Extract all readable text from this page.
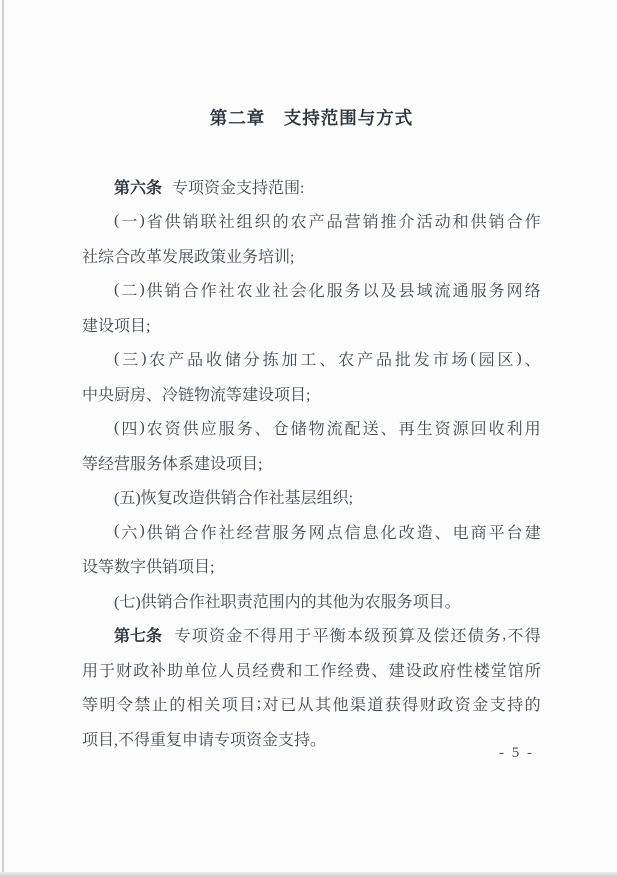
第二章　支持范围与方式
第六条 专项资金支持范围:
( 一 ) 省 供 销 联 社 组 织 的 农 产 品 营 销 推 介 活 动 和 供 销 合 作
社综合改革发展政策业务培训;
( 二 ) 供 销 合 作 社 农 业 社 会 化 服 务 以 及 县 域 流 通 服 务 网 络
建设项目;
( 三 ) 农 产 品 收 储 分 拣 加 工 、 农 产 品 批 发 市 场 ( 园 区 ) 、
中央厨房、冷链物流等建设项目;
( 四 ) 农 资 供 应 服 务 、 仓 储 物 流 配 送 、 再 生 资 源 回 收 利 用
等经营服务体系建设项目;
(五)恢复改造供销合作社基层组织;
( 六 ) 供 销 合 作 社 经 营 服 务 网 点 信 息 化 改 造 、 电 商 平 台 建
设等数字供销项目;
(七)供销合作社职责范围内的其他为农服务项目。
第七条 专 项 资 金 不 得 用 于 平 衡 本 级 预 算 及 偿 还 债 务 , 不 得
用 于 财 政 补 助 单 位 人 员 经 费 和 工 作 经 费 、 建 设 政 府 性 楼 堂 馆 所
等 明 令 禁 止 的 相 关 项 目 ; 对 已 从 其 他 渠 道 获 得 财 政 资 金 支 持 的
项目,不得重复申请专项资金支持。
- 5 -
